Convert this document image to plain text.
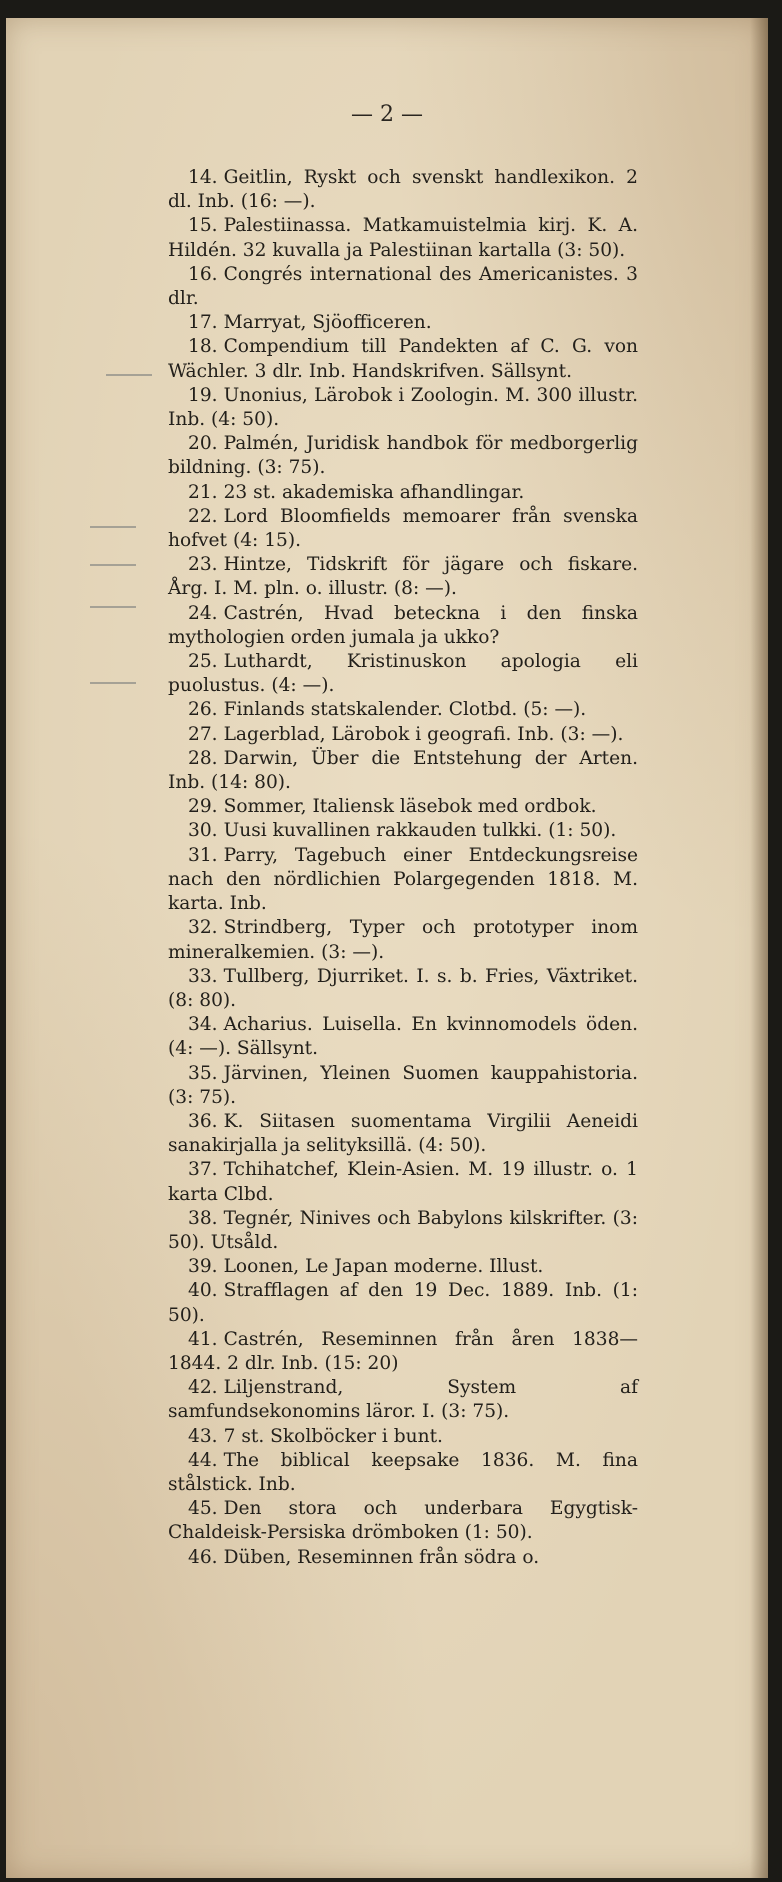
— 2 —

14. Geitlin, Ryskt och svenskt handlexikon. 2 dl. Inb. (16: —).

15. Palestiinassa. Matkamuistelmia kirj. K. A. Hildén. 32 kuvalla ja Palestiinan kartalla (3: 50).

16. Congrés international des Americanistes. 3 dlr.

17. Marryat, Sjöofficeren.

18. Compendium till Pandekten af C. G. von Wächler. 3 dlr. Inb. Handskrifven. Sällsynt.

19. Unonius, Lärobok i Zoologin. M. 300 illustr. Inb. (4: 50).

20. Palmén, Juridisk handbok för medborgerlig bildning. (3: 75).

21. 23 st. akademiska afhandlingar.

22. Lord Bloomfields memoarer från svenska hofvet (4: 15).

23. Hintze, Tidskrift för jägare och fiskare. Årg. I. M. pln. o. illustr. (8: —).

24. Castrén, Hvad beteckna i den finska mythologien orden jumala ja ukko?

25. Luthardt, Kristinuskon apologia eli puolustus. (4: —).

26. Finlands statskalender. Clotbd. (5: —).

27. Lagerblad, Lärobok i geografi. Inb. (3: —).

28. Darwin, Über die Entstehung der Arten. Inb. (14: 80).

29. Sommer, Italiensk läsebok med ordbok.

30. Uusi kuvallinen rakkauden tulkki. (1: 50).

31. Parry, Tagebuch einer Entdeckungsreise nach den nördlichien Polargegenden 1818. M. karta. Inb.

32. Strindberg, Typer och prototyper inom mineralkemien. (3: —).

33. Tullberg, Djurriket. I. s. b. Fries, Växtriket. (8: 80).

34. Acharius. Luisella. En kvinnomodels öden. (4: —). Sällsynt.

35. Järvinen, Yleinen Suomen kauppahistoria. (3: 75).

36. K. Siitasen suomentama Virgilii Aeneidi sanakirjalla ja selityksillä. (4: 50).

37. Tchihatchef, Klein-Asien. M. 19 illustr. o. 1 karta Clbd.

38. Tegnér, Ninives och Babylons kilskrifter. (3: 50). Utsåld.

39. Loonen, Le Japan moderne. Illust.

40. Strafflagen af den 19 Dec. 1889. Inb. (1: 50).

41. Castrén, Reseminnen från åren 1838—1844. 2 dlr. Inb. (15: 20)

42. Liljenstrand, System af samfundsekonomins läror. I. (3: 75).

43. 7 st. Skolböcker i bunt.

44. The biblical keepsake 1836. M. fina stålstick. Inb.

45. Den stora och underbara Egygtisk-Chaldeisk-Persiska drömboken (1: 50).

46. Düben, Reseminnen från södra o.
